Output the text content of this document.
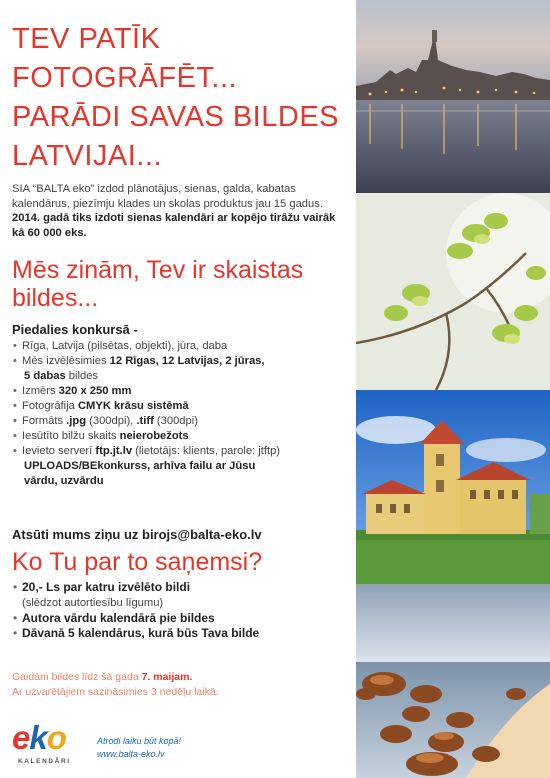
TEV PATĪK
FOTOGRĀFĒT...
PARĀDI SAVAS BILDES
LATVIJAI...
SIA “BALTA eko” izdod plānotājus, sienas, galda, kabatas kalendārus, piezīmju klades un skolas produktus jau 15 gadus. 2014. gadā tiks izdoti sienas kalendāri ar kopējo tirāžu vairāk kā 60 000 eks.
Mēs zinām, Tev ir skaistas
bildes...
Piedalies konkursā -
• Rīga, Latvija (pilsētas, objekti), jūra, daba
• Mēs izvēlēsimies 12 Rīgas, 12 Latvijas, 2 jūras,
5 dabas bildes
• Izmērs 320 x 250 mm
• Fotogrāfija CMYK krāsu sistēmā
• Formāts .jpg (300dpi), .tiff (300dpi)
• Iesūtīto bilžu skaits neierobežots
• Ievieto serverī ftp.jt.lv (lietotājs: klients, parole: jtftp)
UPLOADS/BEkonkurss, arhīva failu ar Jūsu
vārdu, uzvārdu
Atsūti mums ziņu uz birojs@balta-eko.lv
Ko Tu par to saņemsi?
• 20,- Ls par katru izvēlēto bildi
(slēdzot autortiesību līgumu)
• Autora vārdu kalendārā pie bildes
• Dāvanā 5 kalendārus, kurā būs Tava bilde
Gaidām bildes līdz šā gada 7. maijam.
Ar uzvarētājiem sazināsimies 3 nedēļu laikā.
eko
KALENDĀRI
Atrodi laiku būt kopā!
www.balta-eko.lv
